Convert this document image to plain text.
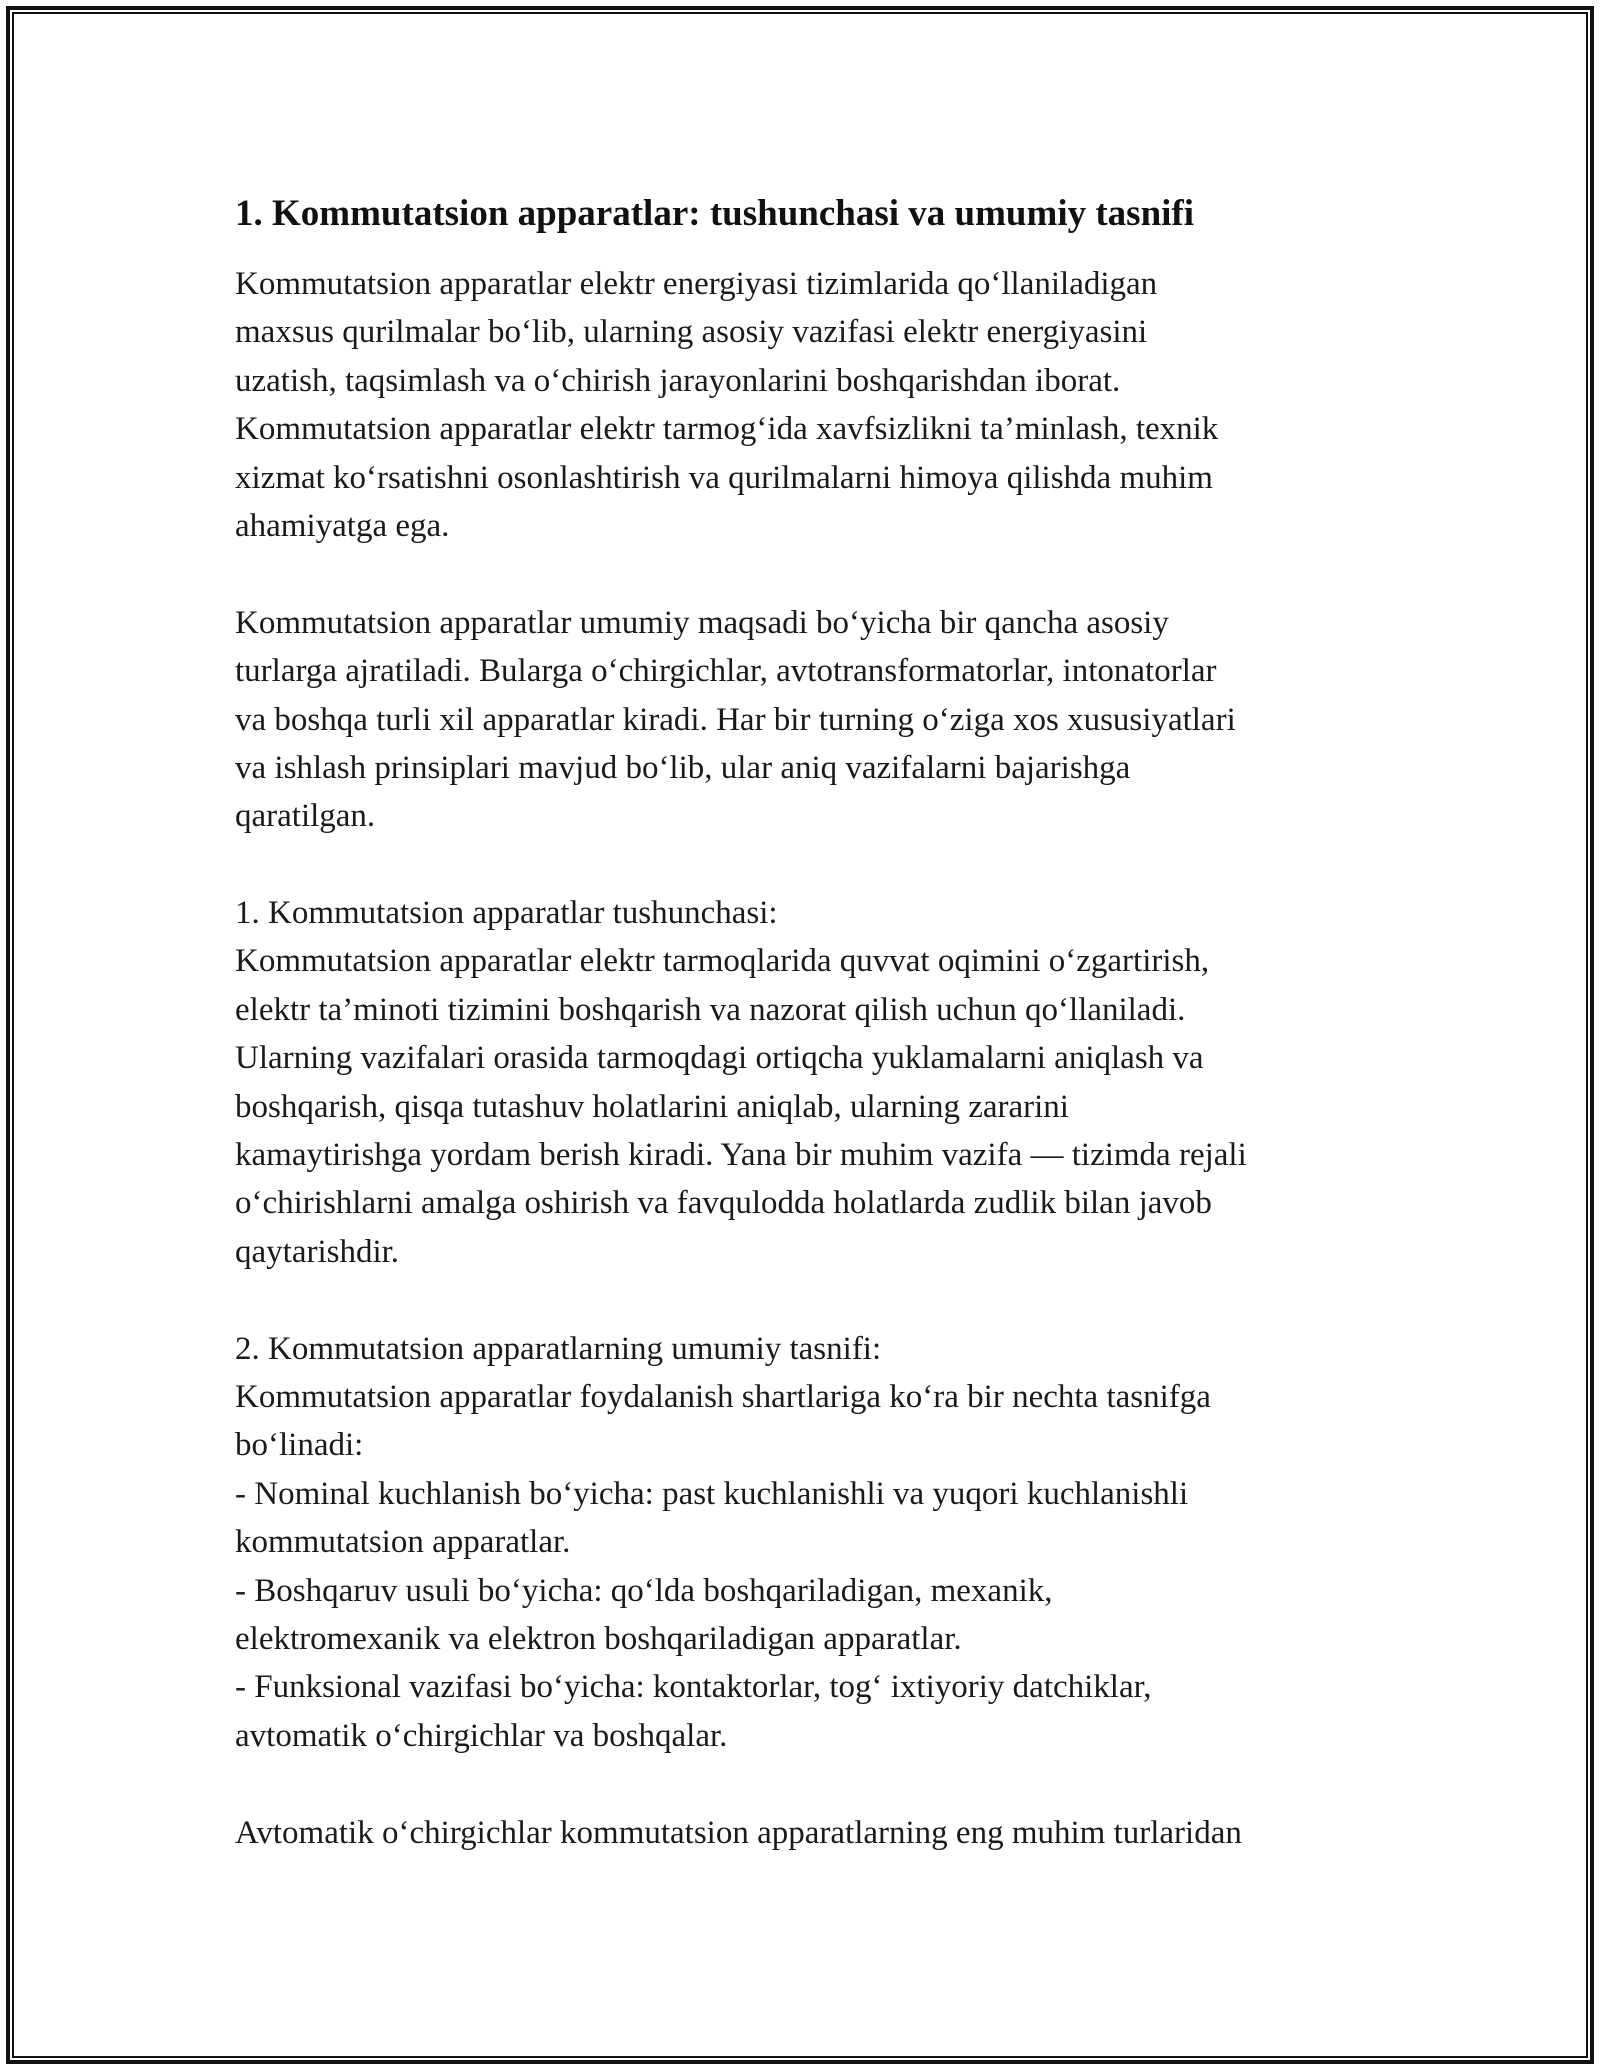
1. Kommutatsion apparatlar: tushunchasi va umumiy tasnifi
Kommutatsion apparatlar elektr energiyasi tizimlarida qo‘llaniladigan
maxsus qurilmalar bo‘lib, ularning asosiy vazifasi elektr energiyasini
uzatish, taqsimlash va o‘chirish jarayonlarini boshqarishdan iborat.
Kommutatsion apparatlar elektr tarmog‘ida xavfsizlikni ta’minlash, texnik
xizmat ko‘rsatishni osonlashtirish va qurilmalarni himoya qilishda muhim
ahamiyatga ega.
Kommutatsion apparatlar umumiy maqsadi bo‘yicha bir qancha asosiy
turlarga ajratiladi. Bularga o‘chirgichlar, avtotransformatorlar, intonatorlar
va boshqa turli xil apparatlar kiradi. Har bir turning o‘ziga xos xususiyatlari
va ishlash prinsiplari mavjud bo‘lib, ular aniq vazifalarni bajarishga
qaratilgan.
1. Kommutatsion apparatlar tushunchasi:
Kommutatsion apparatlar elektr tarmoqlarida quvvat oqimini o‘zgartirish,
elektr ta’minoti tizimini boshqarish va nazorat qilish uchun qo‘llaniladi.
Ularning vazifalari orasida tarmoqdagi ortiqcha yuklamalarni aniqlash va
boshqarish, qisqa tutashuv holatlarini aniqlab, ularning zararini
kamaytirishga yordam berish kiradi. Yana bir muhim vazifa — tizimda rejali
o‘chirishlarni amalga oshirish va favqulodda holatlarda zudlik bilan javob
qaytarishdir.
2. Kommutatsion apparatlarning umumiy tasnifi:
Kommutatsion apparatlar foydalanish shartlariga ko‘ra bir nechta tasnifga
bo‘linadi:
- Nominal kuchlanish bo‘yicha: past kuchlanishli va yuqori kuchlanishli
kommutatsion apparatlar.
- Boshqaruv usuli bo‘yicha: qo‘lda boshqariladigan, mexanik,
elektromexanik va elektron boshqariladigan apparatlar.
- Funksional vazifasi bo‘yicha: kontaktorlar, tog‘ ixtiyoriy datchiklar,
avtomatik o‘chirgichlar va boshqalar.
Avtomatik o‘chirgichlar kommutatsion apparatlarning eng muhim turlaridan
